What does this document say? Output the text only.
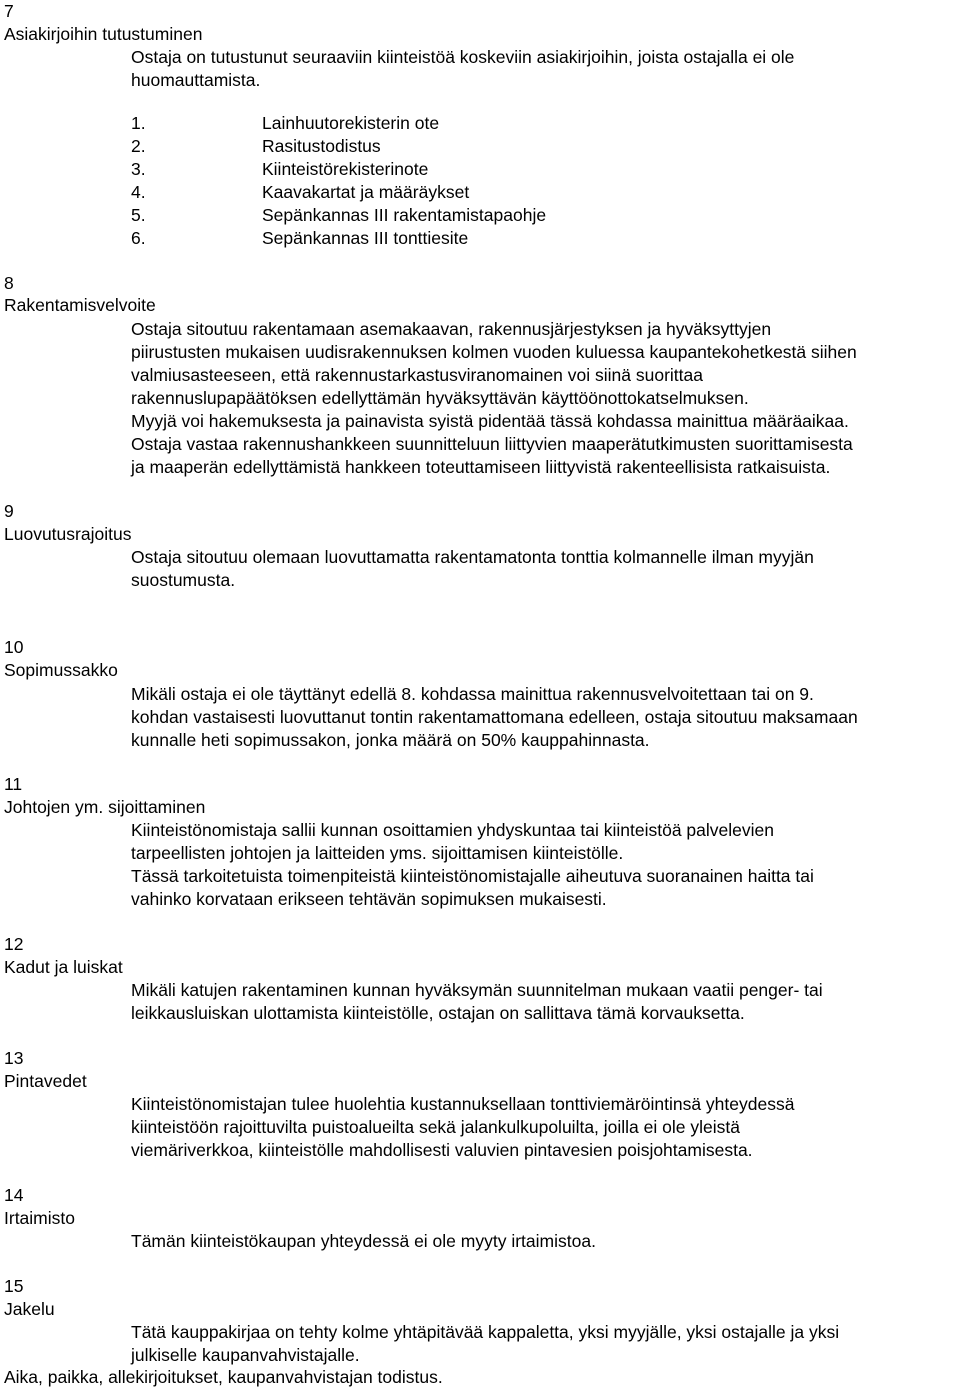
7
Asiakirjoihin tutustuminen
Ostaja on tutustunut seuraaviin kiinteistöä koskeviin asiakirjoihin, joista ostajalla ei ole
huomauttamista.
1.	Lainhuutorekisterin ote
2.	Rasitustodistus
3.	Kiinteistörekisterinote
4.	Kaavakartat ja määräykset
5.	Sepänkannas III rakentamistapaohje
6.	Sepänkannas III tonttiesite
8
Rakentamisvelvoite
Ostaja sitoutuu rakentamaan asemakaavan, rakennusjärjestyksen ja hyväksyttyjen
piirustusten mukaisen uudisrakennuksen kolmen vuoden kuluessa kaupantekohetkestä siihen
valmiusasteeseen, että rakennustarkastusviranomainen voi siinä suorittaa
rakennuslupapäätöksen edellyttämän hyväksyttävän käyttöönottokatselmuksen.
Myyjä voi hakemuksesta ja painavista syistä pidentää tässä kohdassa mainittua määräaikaa.
Ostaja vastaa rakennushankkeen suunnitteluun liittyvien maaperätutkimusten suorittamisesta
ja maaperän edellyttämistä hankkeen toteuttamiseen liittyvistä rakenteellisista ratkaisuista.
9
Luovutusrajoitus
Ostaja sitoutuu olemaan luovuttamatta rakentamatonta tonttia kolmannelle ilman myyjän
suostumusta.
10
Sopimussakko
Mikäli ostaja ei ole täyttänyt edellä 8. kohdassa mainittua rakennusvelvoitettaan tai on 9.
kohdan vastaisesti luovuttanut tontin rakentamattomana edelleen, ostaja sitoutuu maksamaan
kunnalle heti sopimussakon, jonka määrä on 50% kauppahinnasta.
11
Johtojen ym. sijoittaminen
Kiinteistönomistaja sallii kunnan osoittamien yhdyskuntaa tai kiinteistöä palvelevien
tarpeellisten johtojen ja laitteiden yms. sijoittamisen kiinteistölle.
Tässä tarkoitetuista toimenpiteistä kiinteistönomistajalle aiheutuva suoranainen haitta tai
vahinko korvataan erikseen tehtävän sopimuksen mukaisesti.
12
Kadut ja luiskat
Mikäli katujen rakentaminen kunnan hyväksymän suunnitelman mukaan vaatii penger- tai
leikkausluiskan ulottamista kiinteistölle, ostajan on sallittava tämä korvauksetta.
13
Pintavedet
Kiinteistönomistajan tulee huolehtia kustannuksellaan tonttiviemäröintinsä yhteydessä
kiinteistöön rajoittuvilta puistoalueilta sekä jalankulkupoluilta, joilla ei ole yleistä
viemäriverkkoa, kiinteistölle mahdollisesti valuvien pintavesien poisjohtamisesta.
14
Irtaimisto
Tämän kiinteistökaupan yhteydessä ei ole myyty irtaimistoa.
15
Jakelu
Tätä kauppakirjaa on tehty kolme yhtäpitävää kappaletta, yksi myyjälle, yksi ostajalle ja yksi
julkiselle kaupanvahvistajalle.
Aika, paikka, allekirjoitukset, kaupanvahvistajan todistus.
